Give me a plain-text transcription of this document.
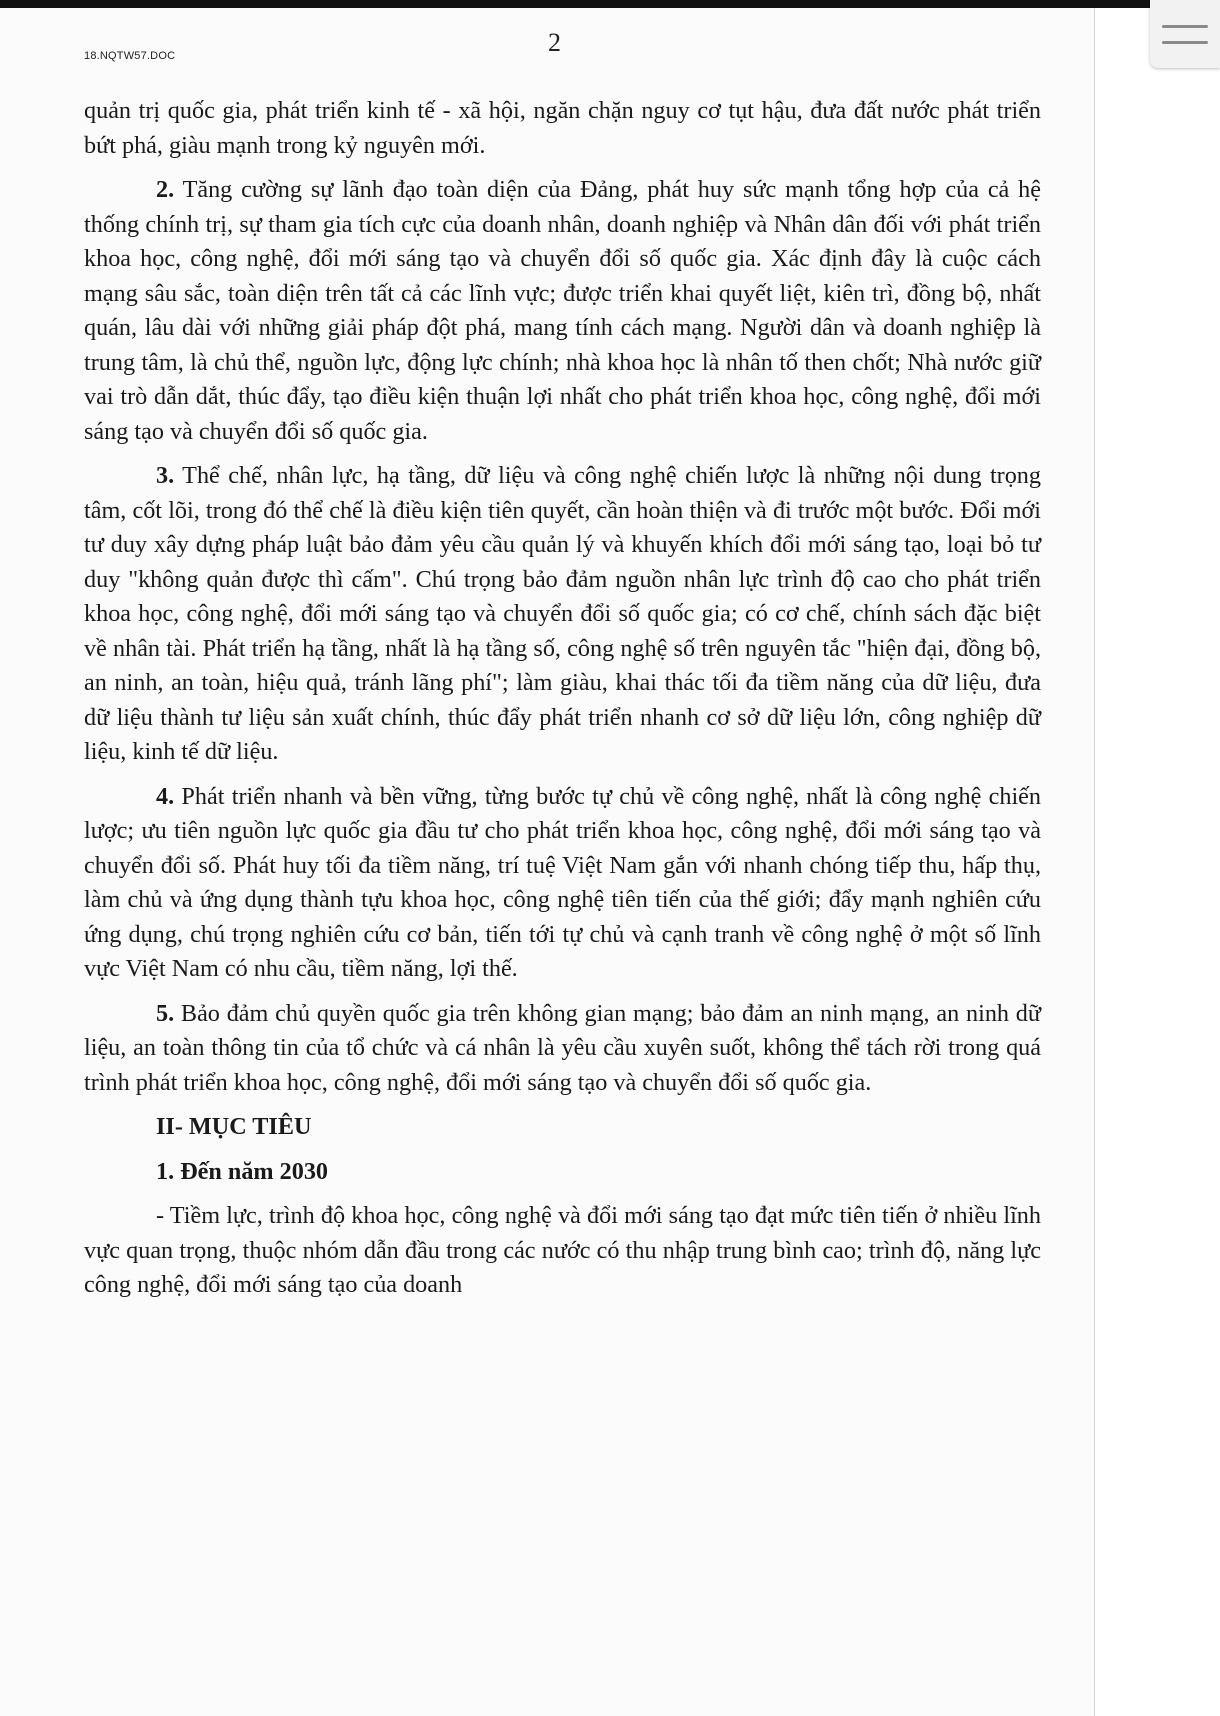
18.NQTW57.DOC	2

quản trị quốc gia, phát triển kinh tế - xã hội, ngăn chặn nguy cơ tụt hậu, đưa đất nước phát triển bứt phá, giàu mạnh trong kỷ nguyên mới.

2. Tăng cường sự lãnh đạo toàn diện của Đảng, phát huy sức mạnh tổng hợp của cả hệ thống chính trị, sự tham gia tích cực của doanh nhân, doanh nghiệp và Nhân dân đối với phát triển khoa học, công nghệ, đổi mới sáng tạo và chuyển đổi số quốc gia. Xác định đây là cuộc cách mạng sâu sắc, toàn diện trên tất cả các lĩnh vực; được triển khai quyết liệt, kiên trì, đồng bộ, nhất quán, lâu dài với những giải pháp đột phá, mang tính cách mạng. Người dân và doanh nghiệp là trung tâm, là chủ thể, nguồn lực, động lực chính; nhà khoa học là nhân tố then chốt; Nhà nước giữ vai trò dẫn dắt, thúc đẩy, tạo điều kiện thuận lợi nhất cho phát triển khoa học, công nghệ, đổi mới sáng tạo và chuyển đổi số quốc gia.

3. Thể chế, nhân lực, hạ tầng, dữ liệu và công nghệ chiến lược là những nội dung trọng tâm, cốt lõi, trong đó thể chế là điều kiện tiên quyết, cần hoàn thiện và đi trước một bước. Đổi mới tư duy xây dựng pháp luật bảo đảm yêu cầu quản lý và khuyến khích đổi mới sáng tạo, loại bỏ tư duy "không quản được thì cấm". Chú trọng bảo đảm nguồn nhân lực trình độ cao cho phát triển khoa học, công nghệ, đổi mới sáng tạo và chuyển đổi số quốc gia; có cơ chế, chính sách đặc biệt về nhân tài. Phát triển hạ tầng, nhất là hạ tầng số, công nghệ số trên nguyên tắc "hiện đại, đồng bộ, an ninh, an toàn, hiệu quả, tránh lãng phí"; làm giàu, khai thác tối đa tiềm năng của dữ liệu, đưa dữ liệu thành tư liệu sản xuất chính, thúc đẩy phát triển nhanh cơ sở dữ liệu lớn, công nghiệp dữ liệu, kinh tế dữ liệu.

4. Phát triển nhanh và bền vững, từng bước tự chủ về công nghệ, nhất là công nghệ chiến lược; ưu tiên nguồn lực quốc gia đầu tư cho phát triển khoa học, công nghệ, đổi mới sáng tạo và chuyển đổi số. Phát huy tối đa tiềm năng, trí tuệ Việt Nam gắn với nhanh chóng tiếp thu, hấp thụ, làm chủ và ứng dụng thành tựu khoa học, công nghệ tiên tiến của thế giới; đẩy mạnh nghiên cứu ứng dụng, chú trọng nghiên cứu cơ bản, tiến tới tự chủ và cạnh tranh về công nghệ ở một số lĩnh vực Việt Nam có nhu cầu, tiềm năng, lợi thế.

5. Bảo đảm chủ quyền quốc gia trên không gian mạng; bảo đảm an ninh mạng, an ninh dữ liệu, an toàn thông tin của tổ chức và cá nhân là yêu cầu xuyên suốt, không thể tách rời trong quá trình phát triển khoa học, công nghệ, đổi mới sáng tạo và chuyển đổi số quốc gia.

II- MỤC TIÊU

1. Đến năm 2030

- Tiềm lực, trình độ khoa học, công nghệ và đổi mới sáng tạo đạt mức tiên tiến ở nhiều lĩnh vực quan trọng, thuộc nhóm dẫn đầu trong các nước có thu nhập trung bình cao; trình độ, năng lực công nghệ, đổi mới sáng tạo của doanh
